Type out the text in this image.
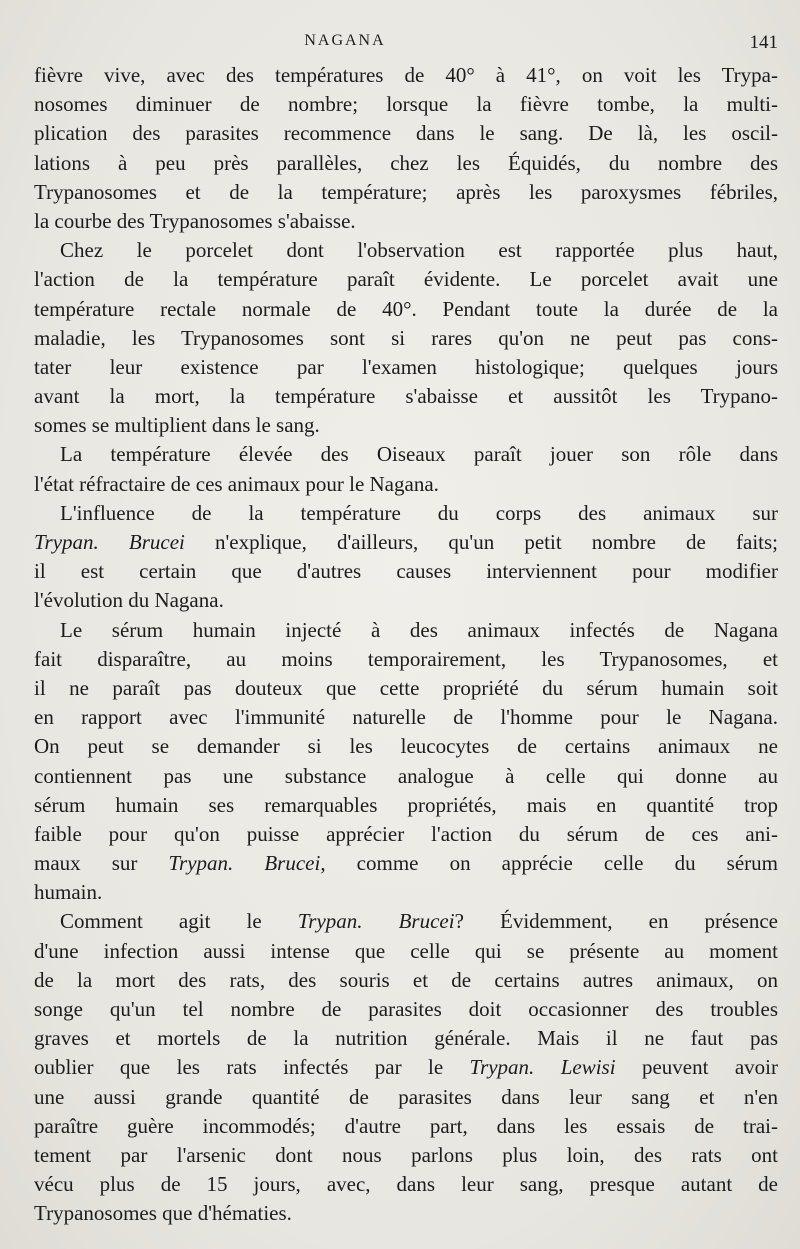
NAGANA	141
fièvre vive, avec des températures de 40° à 41°, on voit les Trypa-
nosomes diminuer de nombre; lorsque la fièvre tombe, la multi-
plication des parasites recommence dans le sang. De là, les oscil-
lations à peu près parallèles, chez les Équidés, du nombre des
Trypanosomes et de la température; après les paroxysmes fébriles,
la courbe des Trypanosomes s'abaisse.
Chez le porcelet dont l'observation est rapportée plus haut,
l'action de la température paraît évidente. Le porcelet avait une
température rectale normale de 40°. Pendant toute la durée de la
maladie, les Trypanosomes sont si rares qu'on ne peut pas cons-
tater leur existence par l'examen histologique; quelques jours
avant la mort, la température s'abaisse et aussitôt les Trypano-
somes se multiplient dans le sang.
La température élevée des Oiseaux paraît jouer son rôle dans
l'état réfractaire de ces animaux pour le Nagana.
L'influence de la température du corps des animaux sur
Trypan. Brucei n'explique, d'ailleurs, qu'un petit nombre de faits;
il est certain que d'autres causes interviennent pour modifier
l'évolution du Nagana.
Le sérum humain injecté à des animaux infectés de Nagana
fait disparaître, au moins temporairement, les Trypanosomes, et
il ne paraît pas douteux que cette propriété du sérum humain soit
en rapport avec l'immunité naturelle de l'homme pour le Nagana.
On peut se demander si les leucocytes de certains animaux ne
contiennent pas une substance analogue à celle qui donne au
sérum humain ses remarquables propriétés, mais en quantité trop
faible pour qu'on puisse apprécier l'action du sérum de ces ani-
maux sur Trypan. Brucei, comme on apprécie celle du sérum
humain.
Comment agit le Trypan. Brucei? Évidemment, en présence
d'une infection aussi intense que celle qui se présente au moment
de la mort des rats, des souris et de certains autres animaux, on
songe qu'un tel nombre de parasites doit occasionner des troubles
graves et mortels de la nutrition générale. Mais il ne faut pas
oublier que les rats infectés par le Trypan. Lewisi peuvent avoir
une aussi grande quantité de parasites dans leur sang et n'en
paraître guère incommodés; d'autre part, dans les essais de trai-
tement par l'arsenic dont nous parlons plus loin, des rats ont
vécu plus de 15 jours, avec, dans leur sang, presque autant de
Trypanosomes que d'hématies.
